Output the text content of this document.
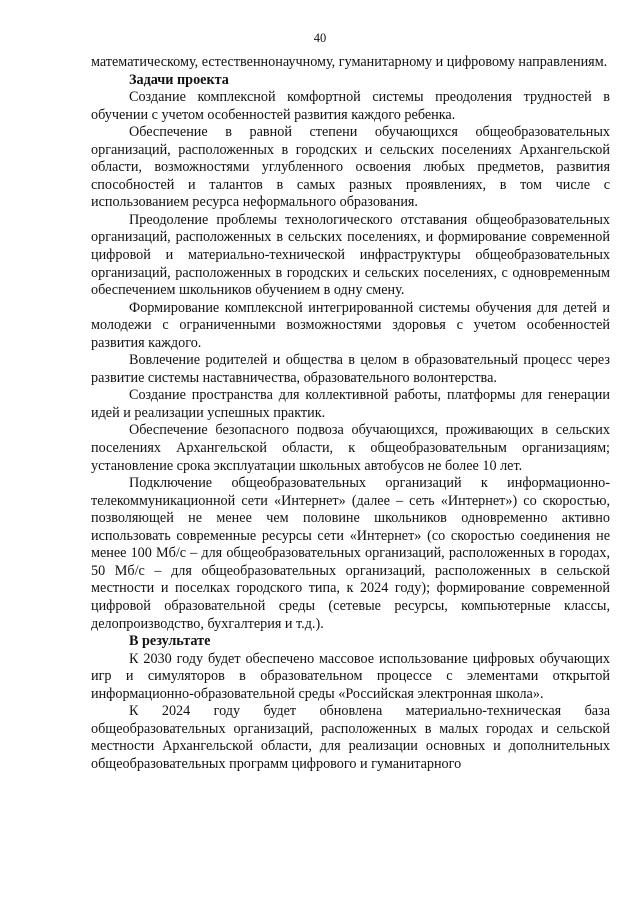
40

математическому, естественнонаучному, гуманитарному и цифровому направлениям.

Задачи проекта

Создание комплексной комфортной системы преодоления трудностей в обучении с учетом особенностей развития каждого ребенка.

Обеспечение в равной степени обучающихся общеобразовательных организаций, расположенных в городских и сельских поселениях Архангельской области, возможностями углубленного освоения любых предметов, развития способностей и талантов в самых разных проявлениях, в том числе с использованием ресурса неформального образования.

Преодоление проблемы технологического отставания общеобразовательных организаций, расположенных в сельских поселениях, и формирование современной цифровой и материально-технической инфраструктуры общеобразовательных организаций, расположенных в городских и сельских поселениях, с одновременным обеспечением школьников обучением в одну смену.

Формирование комплексной интегрированной системы обучения для детей и молодежи с ограниченными возможностями здоровья с учетом особенностей развития каждого.

Вовлечение родителей и общества в целом в образовательный процесс через развитие системы наставничества, образовательного волонтерства.

Создание пространства для коллективной работы, платформы для генерации идей и реализации успешных практик.

Обеспечение безопасного подвоза обучающихся, проживающих в сельских поселениях Архангельской области, к общеобразовательным организациям; установление срока эксплуатации школьных автобусов не более 10 лет.

Подключение общеобразовательных организаций к информационно-телекоммуникационной сети «Интернет» (далее – сеть «Интернет») со скоростью, позволяющей не менее чем половине школьников одновременно активно использовать современные ресурсы сети «Интернет» (со скоростью соединения не менее 100 Мб/с – для общеобразовательных организаций, расположенных в городах, 50 Мб/с – для общеобразовательных организаций, расположенных в сельской местности и поселках городского типа, к 2024 году); формирование современной цифровой образовательной среды (сетевые ресурсы, компьютерные классы, делопроизводство, бухгалтерия и т.д.).

В результате

К 2030 году будет обеспечено массовое использование цифровых обучающих игр и симуляторов в образовательном процессе с элементами открытой информационно-образовательной среды «Российская электронная школа».

К 2024 году будет обновлена материально-техническая база общеобразовательных организаций, расположенных в малых городах и сельской местности Архангельской области, для реализации основных и дополнительных общеобразовательных программ цифрового и гуманитарного
